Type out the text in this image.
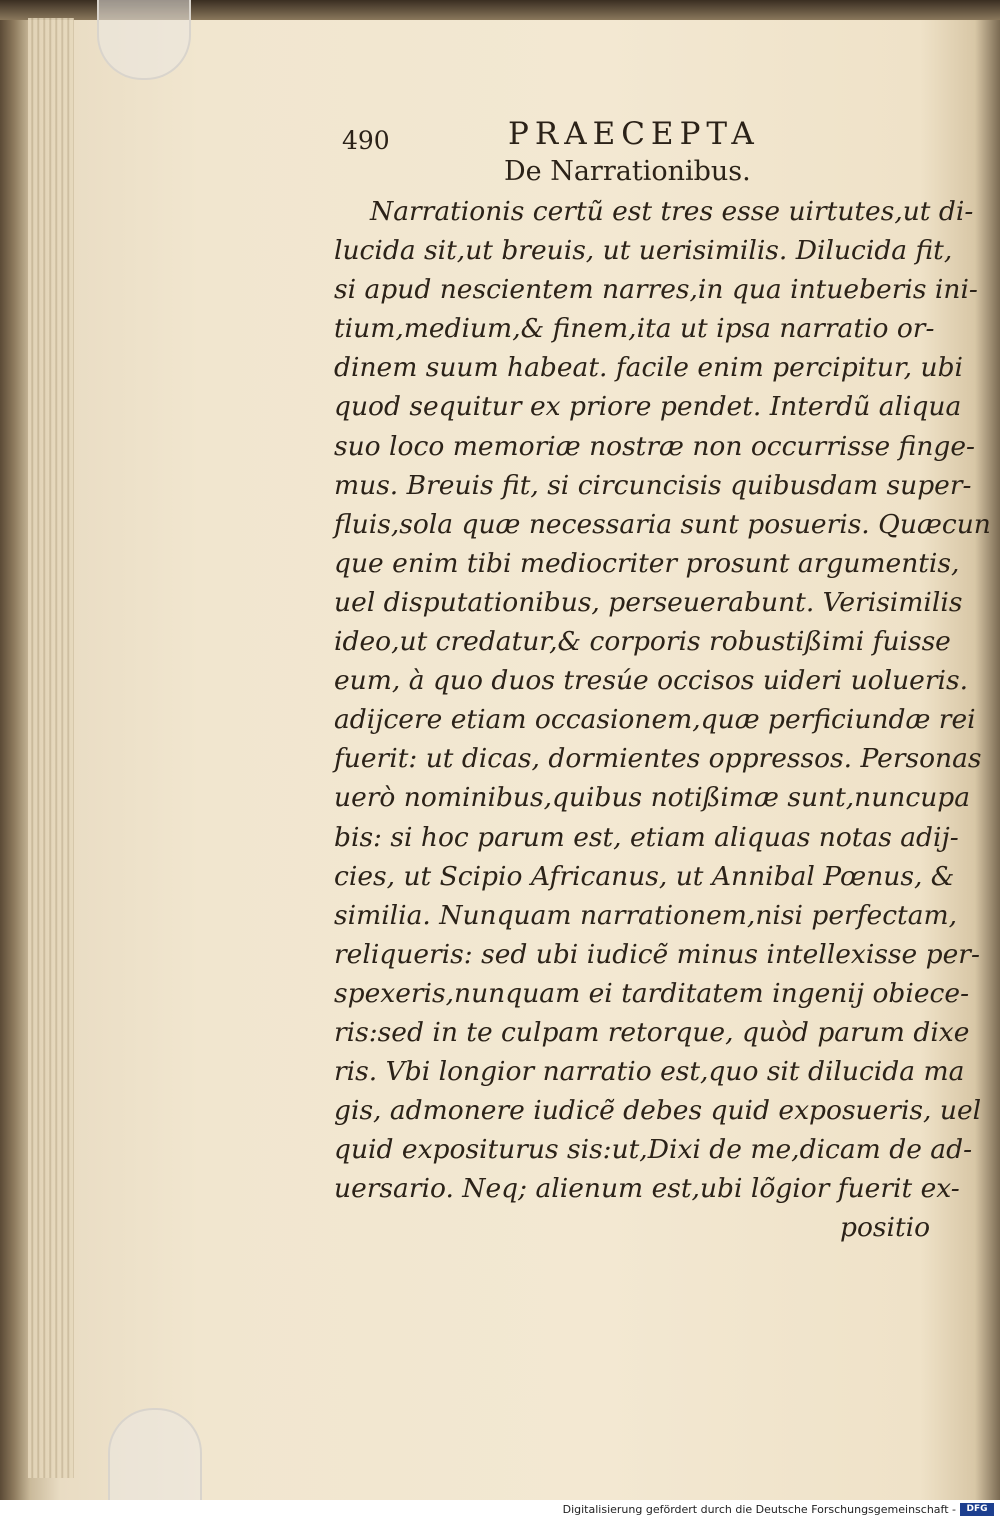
490	PRAECEPTA
De Narrationibus.
Narrationis certũ est tres esse uirtutes,ut di-
lucida sit,ut breuis, ut uerisimilis. Dilucida fit,
si apud nescientem narres,in qua intueberis ini-
tium,medium,& finem,ita ut ipsa narratio or-
dinem suum habeat. facile enim percipitur, ubi
quod sequitur ex priore pendet. Interdũ aliqua
suo loco memoriæ nostræ non occurrisse finge-
mus. Breuis fit, si circuncisis quibusdam super-
fluis,sola quæ necessaria sunt posueris. Quæcun
que enim tibi mediocriter prosunt argumentis,
uel disputationibus, perseuerabunt. Verisimilis
ideo,ut credatur,& corporis robustißimi fuisse
eum, à quo duos tresúe occisos uideri uolueris.
adijcere etiam occasionem,quæ perficiundæ rei
fuerit: ut dicas, dormientes oppressos. Personas
uerò nominibus,quibus notißimæ sunt,nuncupa
bis: si hoc parum est, etiam aliquas notas adij-
cies, ut Scipio Africanus, ut Annibal Pœnus, &
similia. Nunquam narrationem,nisi perfectam,
reliqueris: sed ubi iudicẽ minus intellexisse per-
spexeris,nunquam ei tarditatem ingenij obiece-
ris:sed in te culpam retorque, quòd parum dixe
ris. Vbi longior narratio est,quo sit dilucida ma
gis, admonere iudicẽ debes quid exposueris, uel
quid expositurus sis:ut,Dixi de me,dicam de ad-
uersario. Neq; alienum est,ubi lõgior fuerit ex-
positio
Digitalisierung gefördert durch die Deutsche Forschungsgemeinschaft -	DFG
